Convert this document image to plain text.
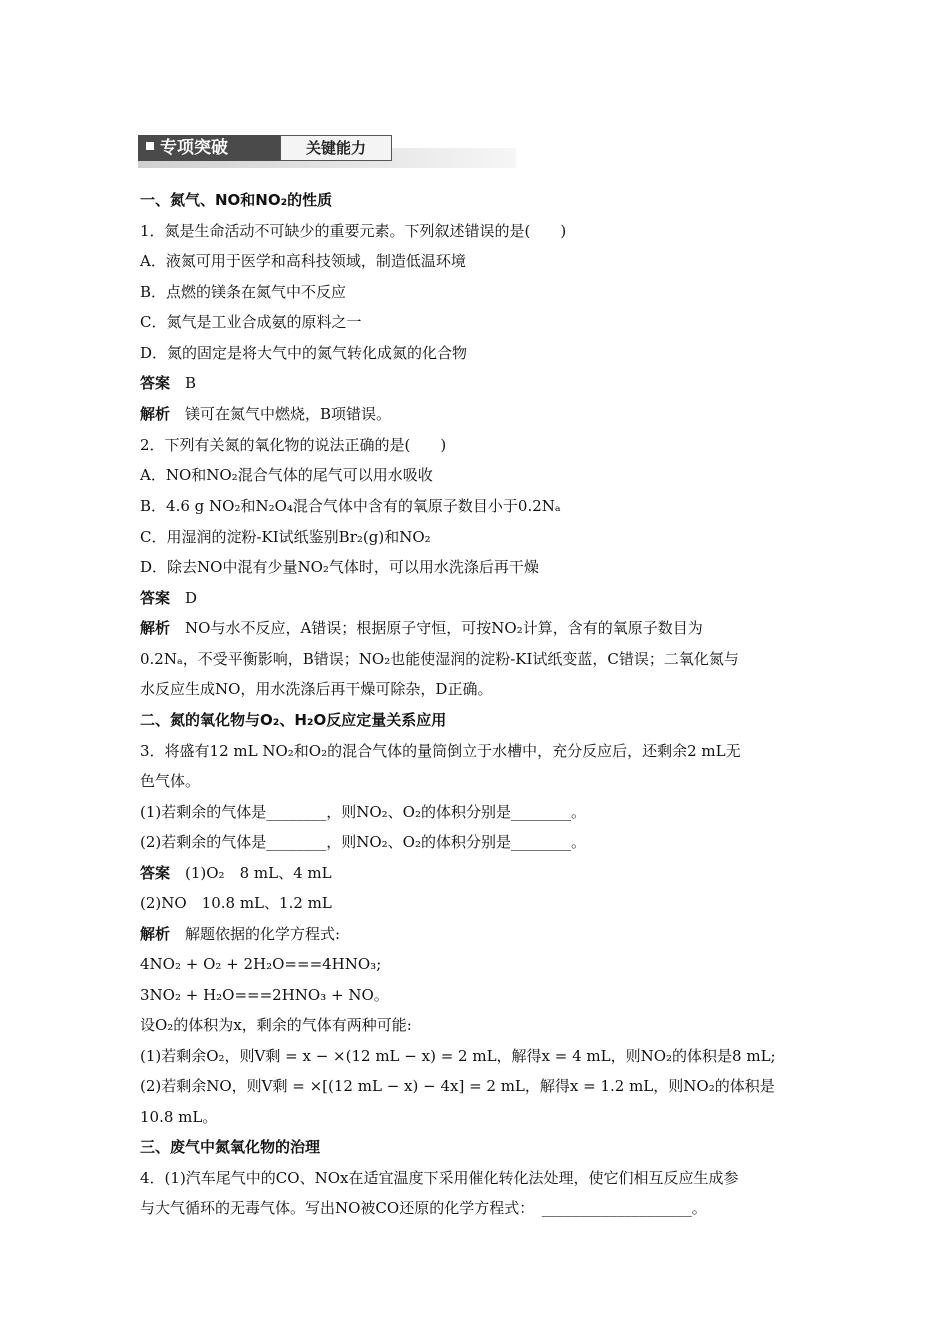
专项突破	关键能力
一、氮气、NO和NO₂的性质
1．氮是生命活动不可缺少的重要元素。下列叙述错误的是(　　)
A．液氮可用于医学和高科技领域，制造低温环境
B．点燃的镁条在氮气中不反应
C．氮气是工业合成氨的原料之一
D．氮的固定是将大气中的氮气转化成氮的化合物
答案　B
解析　镁可在氮气中燃烧，B项错误。
2．下列有关氮的氧化物的说法正确的是(　　)
A．NO和NO₂混合气体的尾气可以用水吸收
B．4.6 g NO₂和N₂O₄混合气体中含有的氧原子数目小于0.2Nₐ
C．用湿润的淀粉-KI试纸鉴别Br₂(g)和NO₂
D．除去NO中混有少量NO₂气体时，可以用水洗涤后再干燥
答案　D
解析　NO与水不反应，A错误；根据原子守恒，可按NO₂计算，含有的氧原子数目为
0.2Nₐ，不受平衡影响，B错误；NO₂也能使湿润的淀粉-KI试纸变蓝，C错误；二氧化氮与
水反应生成NO，用水洗涤后再干燥可除杂，D正确。
二、氮的氧化物与O₂、H₂O反应定量关系应用
3．将盛有12 mL NO₂和O₂的混合气体的量筒倒立于水槽中，充分反应后，还剩余2 mL无
色气体。
(1)若剩余的气体是________，则NO₂、O₂的体积分别是________。
(2)若剩余的气体是________，则NO₂、O₂的体积分别是________。
答案　(1)O₂　8 mL、4 mL
(2)NO　10.8 mL、1.2 mL
解析　解题依据的化学方程式:
4NO₂ + O₂ + 2H₂O===4HNO₃;
3NO₂ + H₂O===2HNO₃ + NO。
设O₂的体积为x，剩余的气体有两种可能:
(1)若剩余O₂，则V剩 = x − ×(12 mL − x) = 2 mL，解得x = 4 mL，则NO₂的体积是8 mL;
(2)若剩余NO，则V剩 = ×[(12 mL − x) − 4x] = 2 mL，解得x = 1.2 mL，则NO₂的体积是
10.8 mL。
三、废气中氮氧化物的治理
4．(1)汽车尾气中的CO、NOx在适宜温度下采用催化转化法处理，使它们相互反应生成参
与大气循环的无毒气体。写出NO被CO还原的化学方程式：　____________________。
